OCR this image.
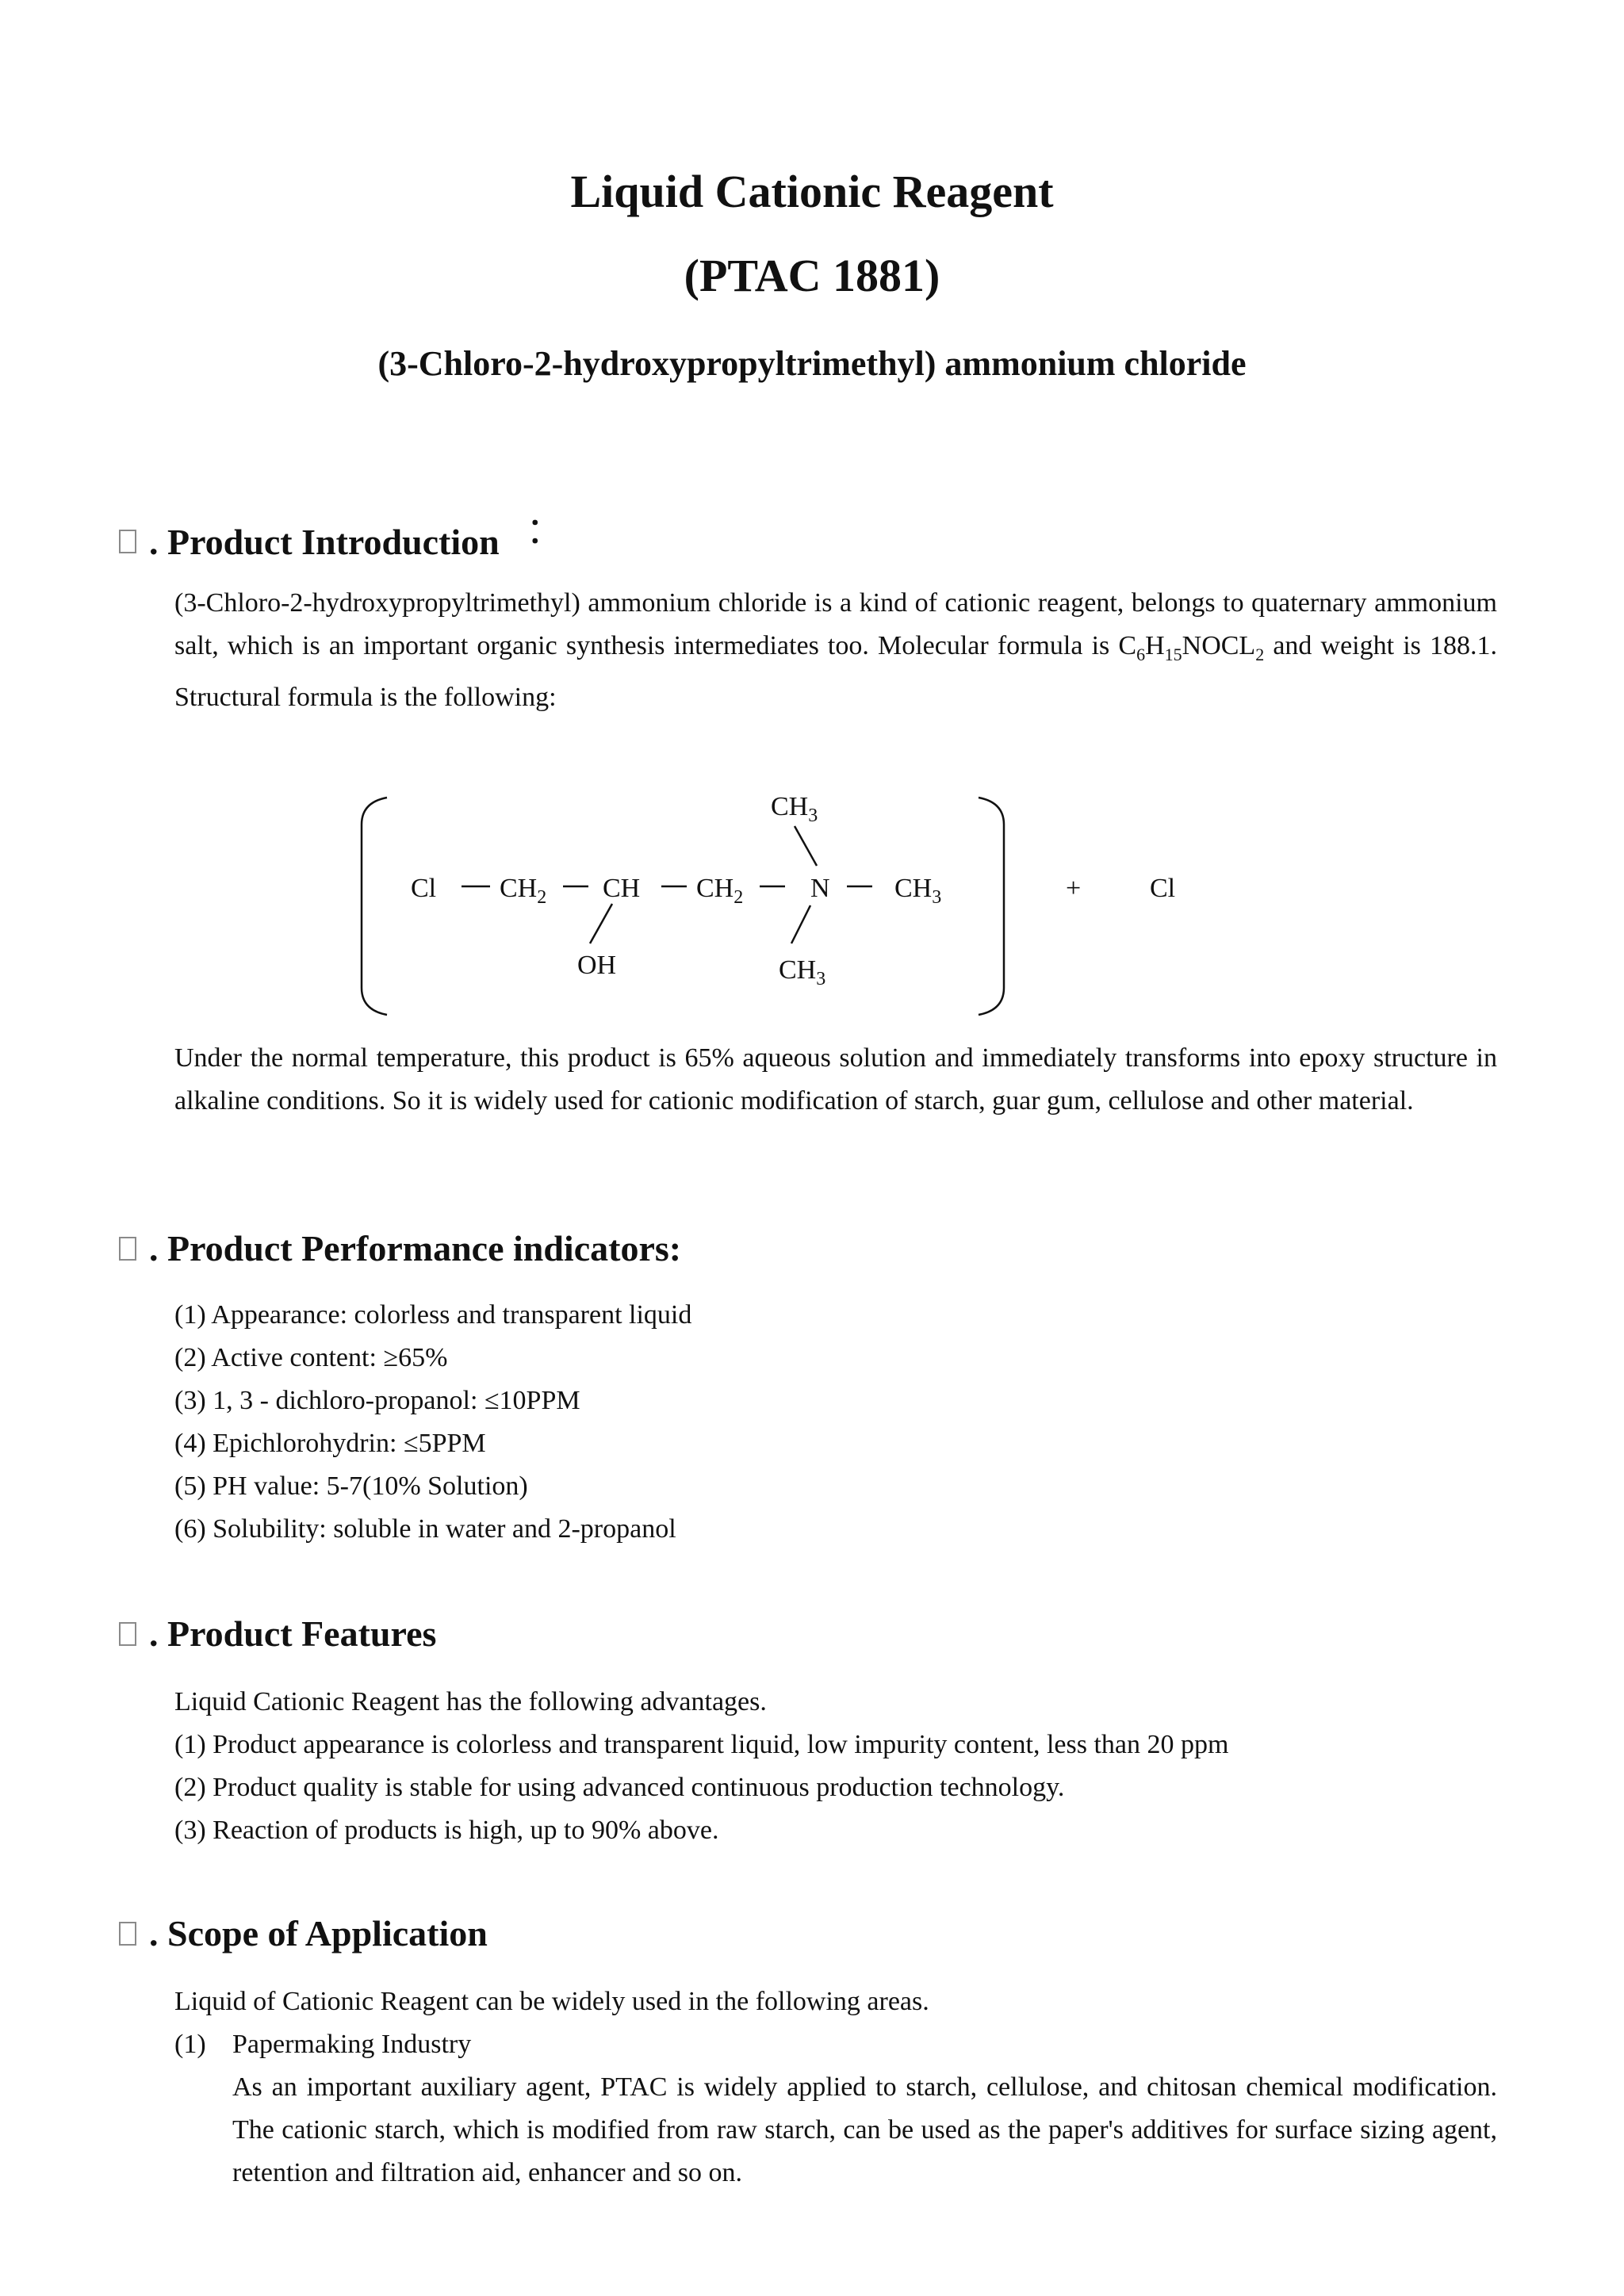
Liquid Cationic Reagent
(PTAC 1881)
(3-Chloro-2-hydroxypropyltrimethyl) ammonium chloride
. Product Introduction ︰

(3-Chloro-2-hydroxypropyltrimethyl) ammonium chloride is a kind of cationic reagent, belongs to quaternary ammonium salt, which is an important organic synthesis intermediates too. Molecular formula is $C_6H_{15}NOCL_2$ and weight is 188.1. Structural formula is the following:

$CH_3$
Cl $CH_2$ CH $CH_2$ N $CH_3$
OH	$CH_3$
+	Cl

Under the normal temperature, this product is 65% aqueous solution and immediately transforms into epoxy structure in alkaline conditions. So it is widely used for cationic modification of starch, guar gum, cellulose and other material.

. Product Performance indicators:
(1) Appearance: colorless and transparent liquid
(2) Active content: ≥65%
(3) 1, 3 - dichloro-propanol: ≤10PPM
(4) Epichlorohydrin: ≤5PPM
(5) PH value: 5-7(10% Solution)
(6) Solubility: soluble in water and 2-propanol
. Product Features
Liquid Cationic Reagent has the following advantages.
(1) Product appearance is colorless and transparent liquid, low impurity content, less than 20 ppm
(2) Product quality is stable for using advanced continuous production technology.
(3) Reaction of products is high, up to 90% above.
. Scope of Application

Liquid of Cationic Reagent can be widely used in the following areas.

(1) Papermaking Industry

As an important auxiliary agent, PTAC is widely applied to starch, cellulose, and chitosan chemical modification. The cationic starch, which is modified from raw starch, can be used as the paper's additives for surface sizing agent, retention and filtration aid, enhancer and so on.
